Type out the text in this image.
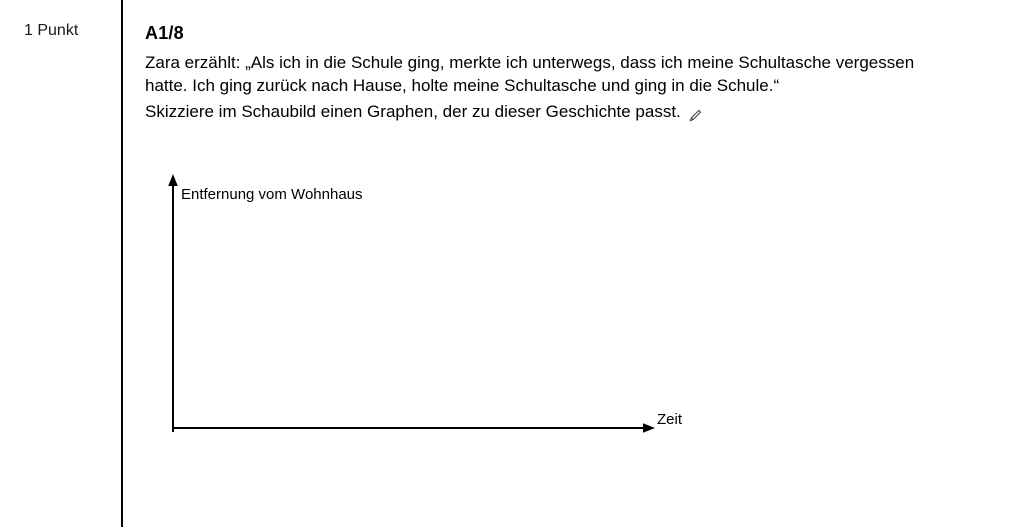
1 Punkt	A1/8

Zara erzählt: „Als ich in die Schule ging, merkte ich unterwegs, dass ich meine Schultasche vergessen hatte. Ich ging zurück nach Hause, holte meine Schultasche und ging in die Schule.“

Skizziere im Schaubild einen Graphen, der zu dieser Geschichte passt.

Entfernung vom Wohnhaus
Zeit
